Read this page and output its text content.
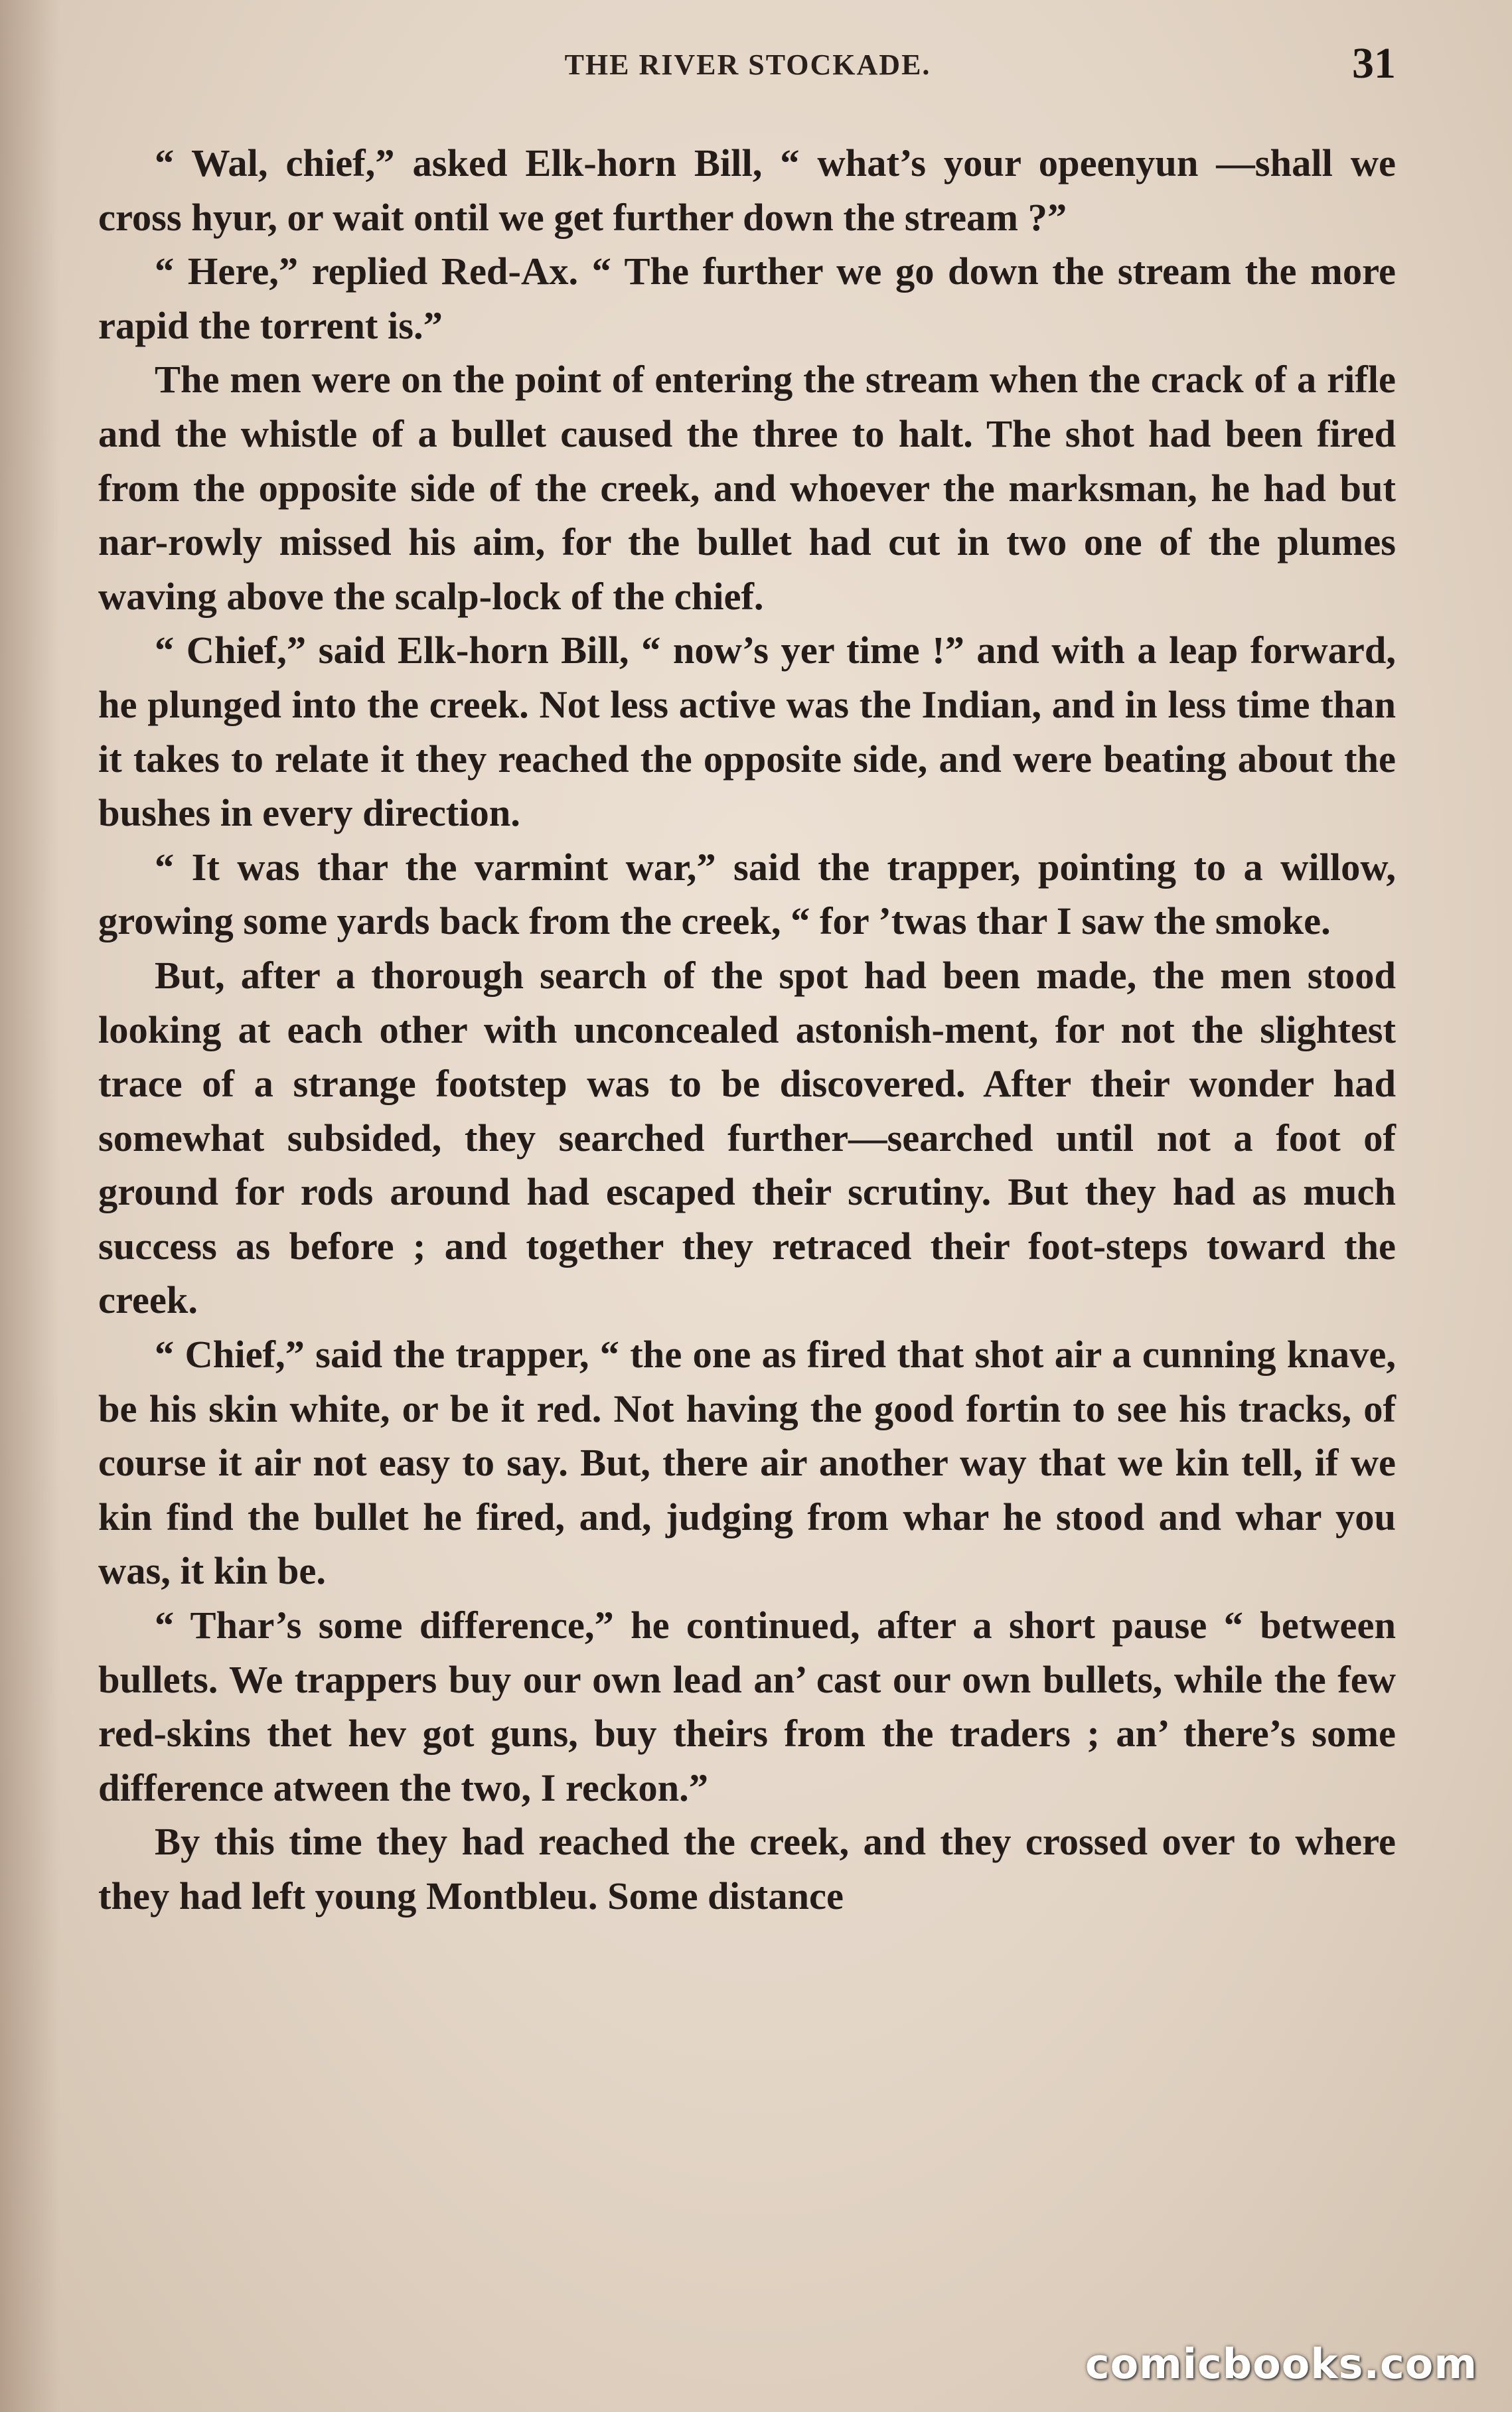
THE RIVER STOCKADE.	31

“ Wal, chief,” asked Elk-horn Bill, “ what’s your opeenyun —shall we cross hyur, or wait ontil we get further down the stream ?”

“ Here,” replied Red-Ax. “ The further we go down the stream the more rapid the torrent is.”

The men were on the point of entering the stream when the crack of a rifle and the whistle of a bullet caused the three to halt. The shot had been fired from the opposite side of the creek, and whoever the marksman, he had but nar-rowly missed his aim, for the bullet had cut in two one of the plumes waving above the scalp-lock of the chief.

“ Chief,” said Elk-horn Bill, “ now’s yer time !” and with a leap forward, he plunged into the creek. Not less active was the Indian, and in less time than it takes to relate it they reached the opposite side, and were beating about the bushes in every direction.

“ It was thar the varmint war,” said the trapper, pointing to a willow, growing some yards back from the creek, “ for ’twas thar I saw the smoke.

But, after a thorough search of the spot had been made, the men stood looking at each other with unconcealed astonish-ment, for not the slightest trace of a strange footstep was to be discovered. After their wonder had somewhat subsided, they searched further—searched until not a foot of ground for rods around had escaped their scrutiny. But they had as much success as before ; and together they retraced their foot-steps toward the creek.

“ Chief,” said the trapper, “ the one as fired that shot air a cunning knave, be his skin white, or be it red. Not having the good fortin to see his tracks, of course it air not easy to say. But, there air another way that we kin tell, if we kin find the bullet he fired, and, judging from whar he stood and whar you was, it kin be.

“ Thar’s some difference,” he continued, after a short pause “ between bullets. We trappers buy our own lead an’ cast our own bullets, while the few red-skins thet hev got guns, buy theirs from the traders ; an’ there’s some difference atween the two, I reckon.”

By this time they had reached the creek, and they crossed over to where they had left young Montbleu. Some distance

comicbooks.com
